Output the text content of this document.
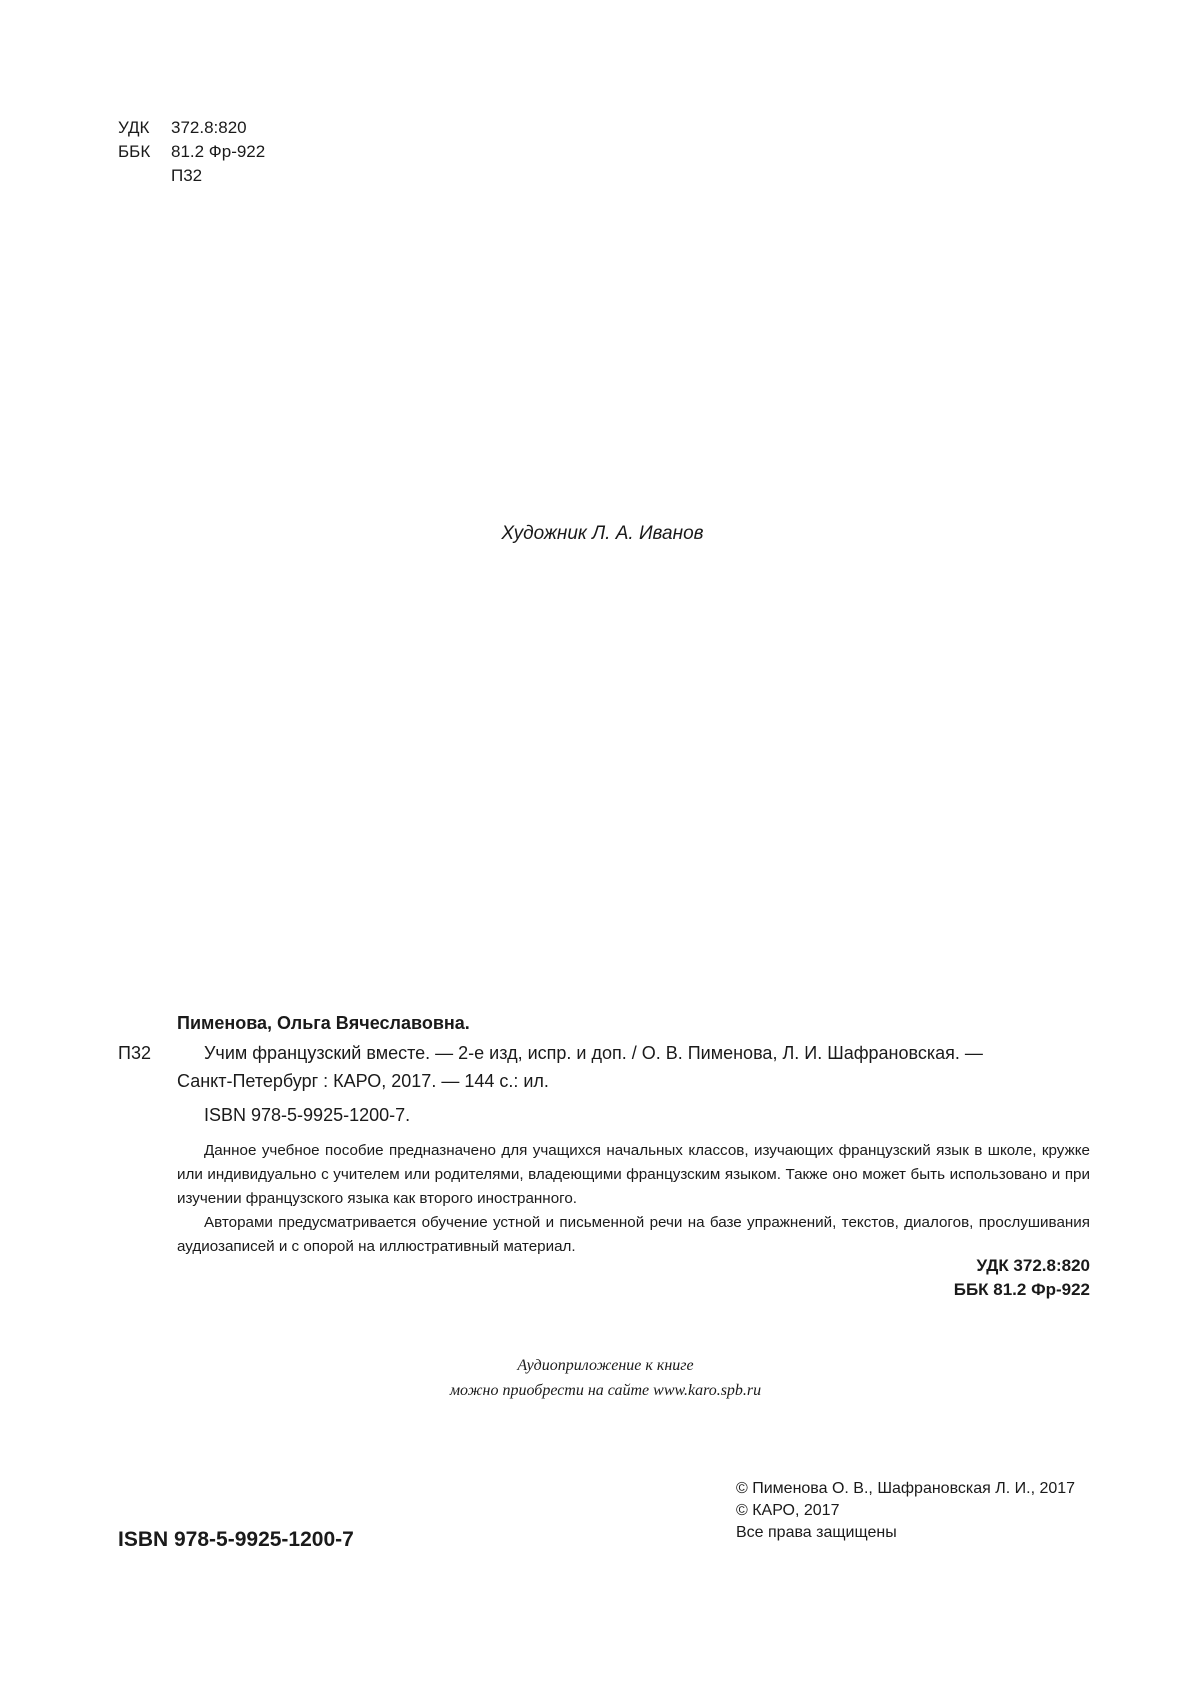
УДК 372.8:820
ББК 81.2 Фр-922
П32
Художник Л. А. Иванов
Пименова, Ольга Вячеславовна.
П32	Учим французский вместе. — 2-е изд, испр. и доп. / О. В. Пименова, Л. И. Шафрановская. —
Санкт-Петербург : КАРО, 2017. — 144 с.: ил.
ISBN 978-5-9925-1200-7.

Данное учебное пособие предназначено для учащихся начальных классов, изучающих французский язык в школе, кружке или индивидуально с учителем или родителями, владеющими французским языком. Также оно может быть использовано и при изучении французского языка как второго иностранного.

Авторами предусматривается обучение устной и письменной речи на базе упражнений, текстов, диалогов, прослушивания аудиозаписей и с опорой на иллюстративный материал.

УДК 372.8:820
ББК 81.2 Фр-922
Аудиоприложение к книге
можно приобрести на сайте www.karo.spb.ru
© Пименова О. В., Шафрановская Л. И., 2017
© КАРО, 2017
Все права защищены
ISBN 978-5-9925-1200-7
